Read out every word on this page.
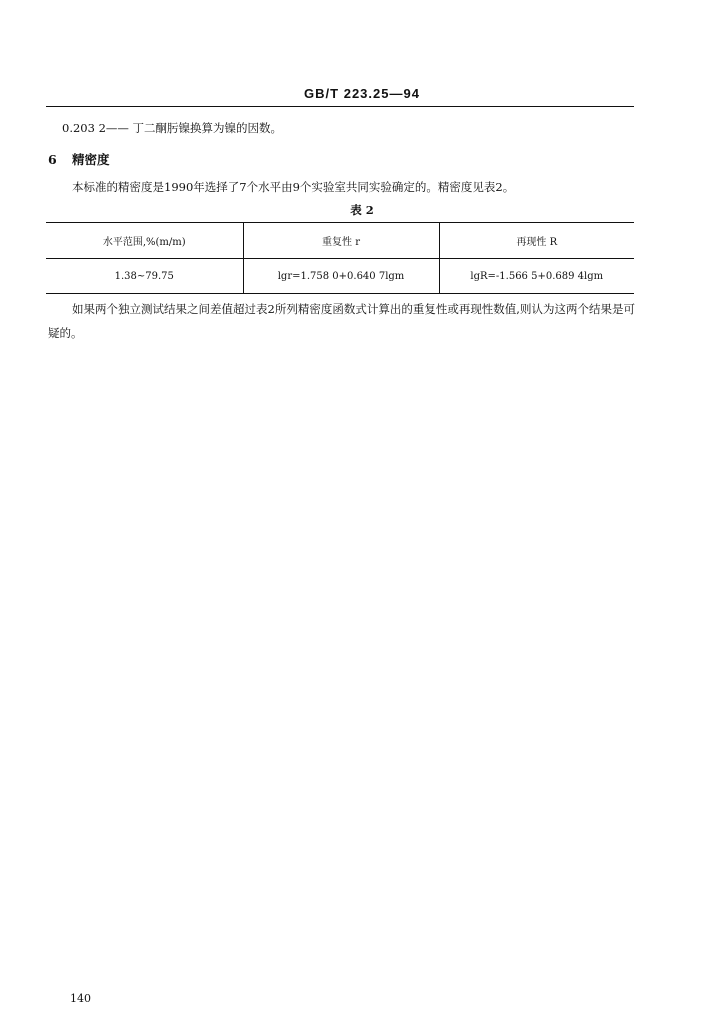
GB/T 223.25—94
0.203 2—— 丁二酮肟镍换算为镍的因数。
6 精密度
本标准的精密度是1990年选择了7个水平由9个实验室共同实验确定的。精密度见表2。
表 2
水平范围,%(m/m)	重复性 r	再现性 R
1.38~79.75	lgr=1.758 0+0.640 7lgm	lgR=-1.566 5+0.689 4lgm
如果两个独立测试结果之间差值超过表2所列精密度函数式计算出的重复性或再现性数值,则认为这两个结果是可疑的。
140
